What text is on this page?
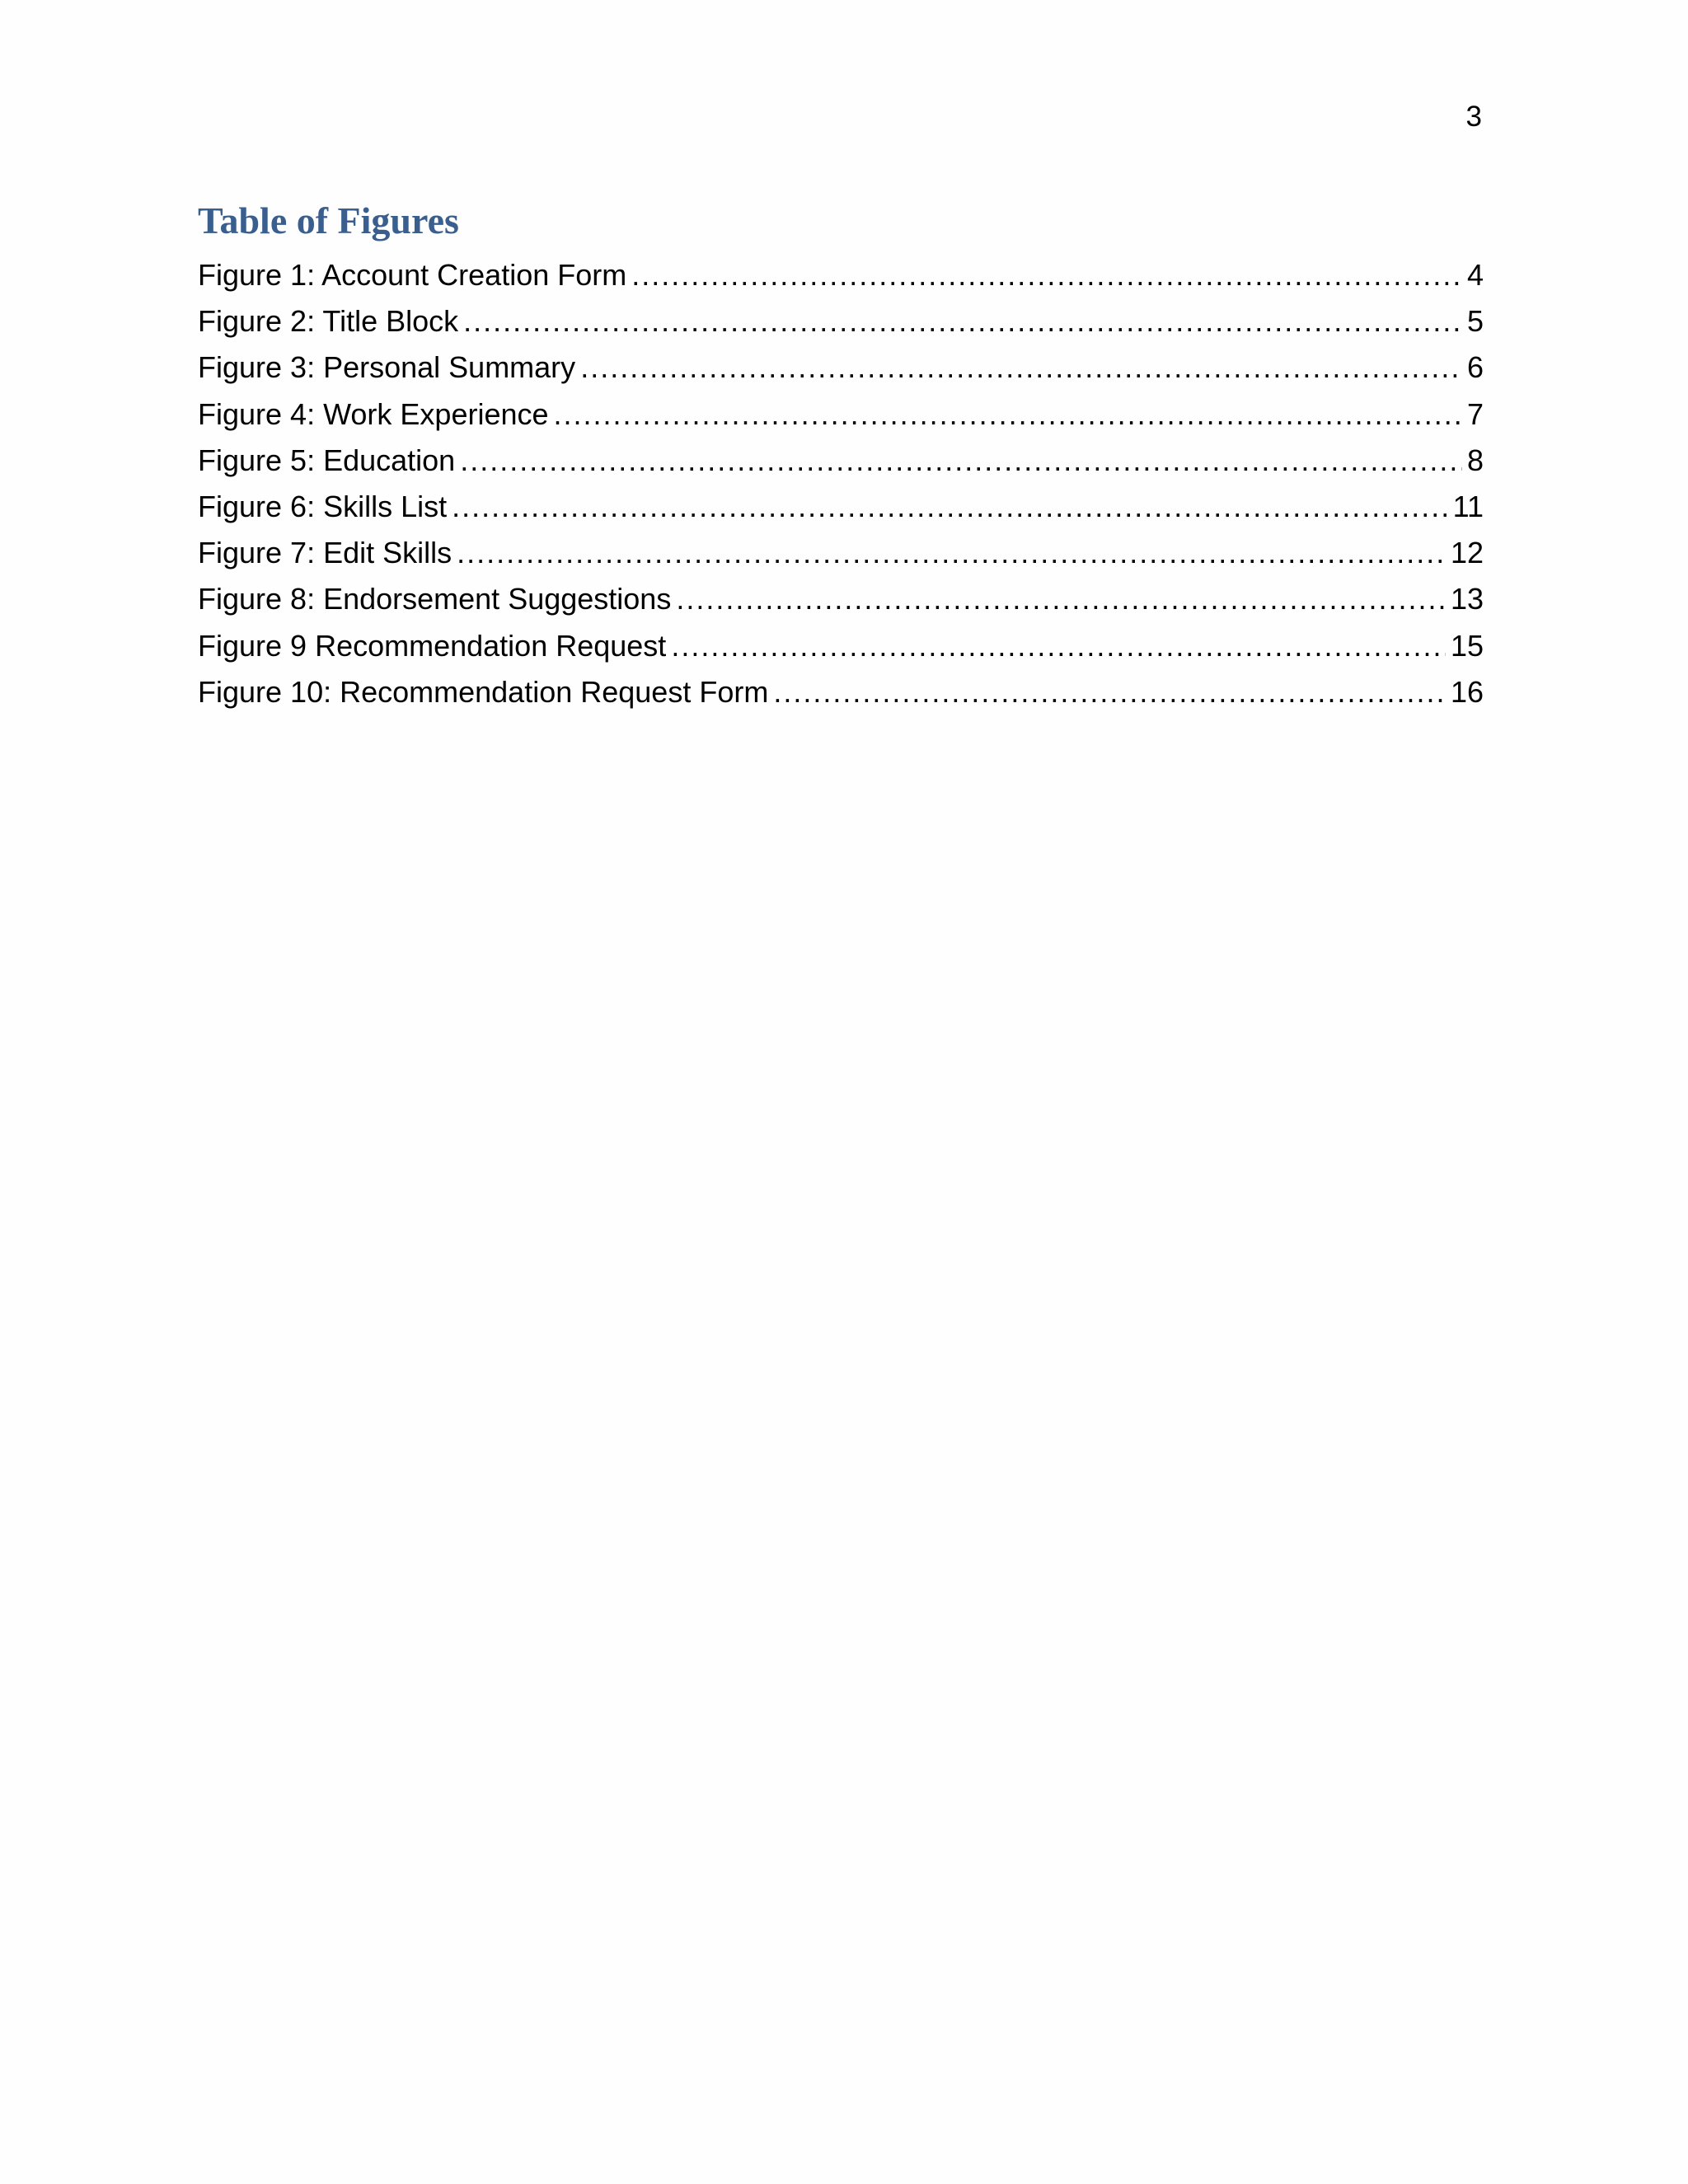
3
Table of Figures
Figure 1: Account Creation Form .....	4
Figure 2: Title Block .....	5
Figure 3: Personal Summary .....	6
Figure 4: Work Experience .....	7
Figure 5: Education .....	8
Figure 6: Skills List .....	11
Figure 7: Edit Skills .....	12
Figure 8: Endorsement Suggestions .....	13
Figure 9 Recommendation Request .....	15
Figure 10: Recommendation Request Form .....	16
